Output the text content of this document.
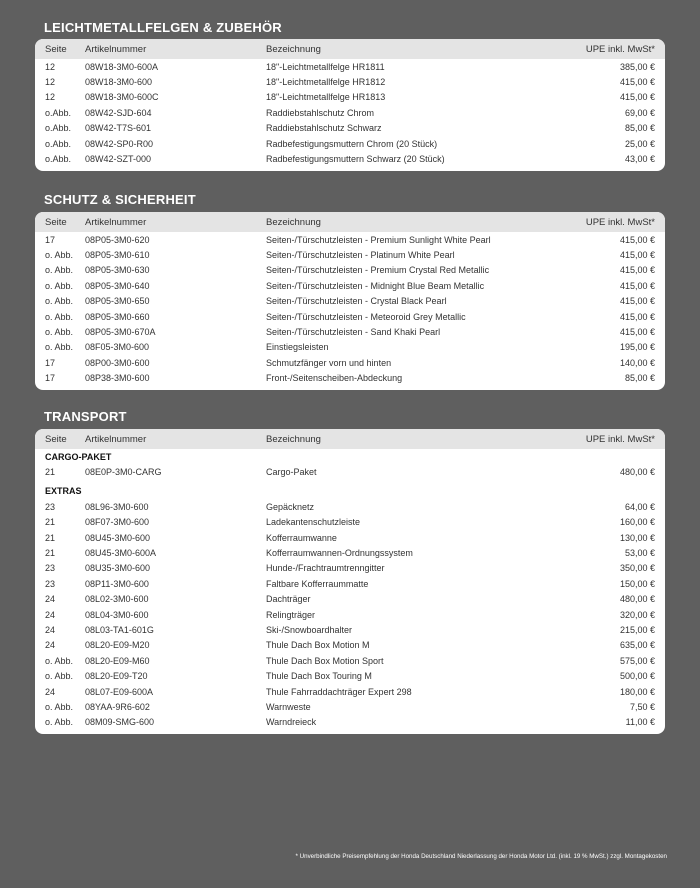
LEICHTMETALLFELGEN & ZUBEHÖR
Seite	Artikelnummer	Bezeichnung	UPE inkl. MwSt*
12	08W18-3M0-600A	18"-Leichtmetallfelge HR1811	385,00 €
12	08W18-3M0-600	18"-Leichtmetallfelge HR1812	415,00 €
12	08W18-3M0-600C	18"-Leichtmetallfelge HR1813	415,00 €
o.Abb.	08W42-SJD-604	Raddiebstahlschutz Chrom	69,00 €
o.Abb.	08W42-T7S-601	Raddiebstahlschutz Schwarz	85,00 €
o.Abb.	08W42-SP0-R00	Radbefestigungsmuttern Chrom (20 Stück)	25,00 €
o.Abb.	08W42-SZT-000	Radbefestigungsmuttern Schwarz (20 Stück)	43,00 €
SCHUTZ & SICHERHEIT
Seite	Artikelnummer	Bezeichnung	UPE inkl. MwSt*
17	08P05-3M0-620	Seiten-/Türschutzleisten - Premium Sunlight White Pearl	415,00 €
o. Abb.	08P05-3M0-610	Seiten-/Türschutzleisten - Platinum White Pearl	415,00 €
o. Abb.	08P05-3M0-630	Seiten-/Türschutzleisten - Premium Crystal Red Metallic	415,00 €
o. Abb.	08P05-3M0-640	Seiten-/Türschutzleisten - Midnight Blue Beam Metallic	415,00 €
o. Abb.	08P05-3M0-650	Seiten-/Türschutzleisten - Crystal Black Pearl	415,00 €
o. Abb.	08P05-3M0-660	Seiten-/Türschutzleisten - Meteoroid Grey Metallic	415,00 €
o. Abb.	08P05-3M0-670A	Seiten-/Türschutzleisten - Sand Khaki Pearl	415,00 €
o. Abb.	08F05-3M0-600	Einstiegsleisten	195,00 €
17	08P00-3M0-600	Schmutzfänger vorn und hinten	140,00 €
17	08P38-3M0-600	Front-/Seitenscheiben-Abdeckung	85,00 €
TRANSPORT
Seite	Artikelnummer	Bezeichnung	UPE inkl. MwSt*
CARGO-PAKET
21	08E0P-3M0-CARG	Cargo-Paket	480,00 €
EXTRAS
23	08L96-3M0-600	Gepäcknetz	64,00 €
21	08F07-3M0-600	Ladekantenschutzleiste	160,00 €
21	08U45-3M0-600	Kofferraumwanne	130,00 €
21	08U45-3M0-600A	Kofferraumwannen-Ordnungssystem	53,00 €
23	08U35-3M0-600	Hunde-/Frachtraumtrenngitter	350,00 €
23	08P11-3M0-600	Faltbare Kofferraummatte	150,00 €
24	08L02-3M0-600	Dachträger	480,00 €
24	08L04-3M0-600	Relingträger	320,00 €
24	08L03-TA1-601G	Ski-/Snowboardhalter	215,00 €
24	08L20-E09-M20	Thule Dach Box Motion M	635,00 €
o. Abb.	08L20-E09-M60	Thule Dach Box Motion Sport	575,00 €
o. Abb.	08L20-E09-T20	Thule Dach Box Touring M	500,00 €
24	08L07-E09-600A	Thule Fahrraddachträger Expert 298	180,00 €
o. Abb.	08YAA-9R6-602	Warnweste	7,50 €
o. Abb.	08M09-SMG-600	Warndreieck	11,00 €
* Unverbindliche Preisempfehlung der Honda Deutschland Niederlassung der Honda Motor Ltd. (inkl. 19 % MwSt.) zzgl. Montagekosten
